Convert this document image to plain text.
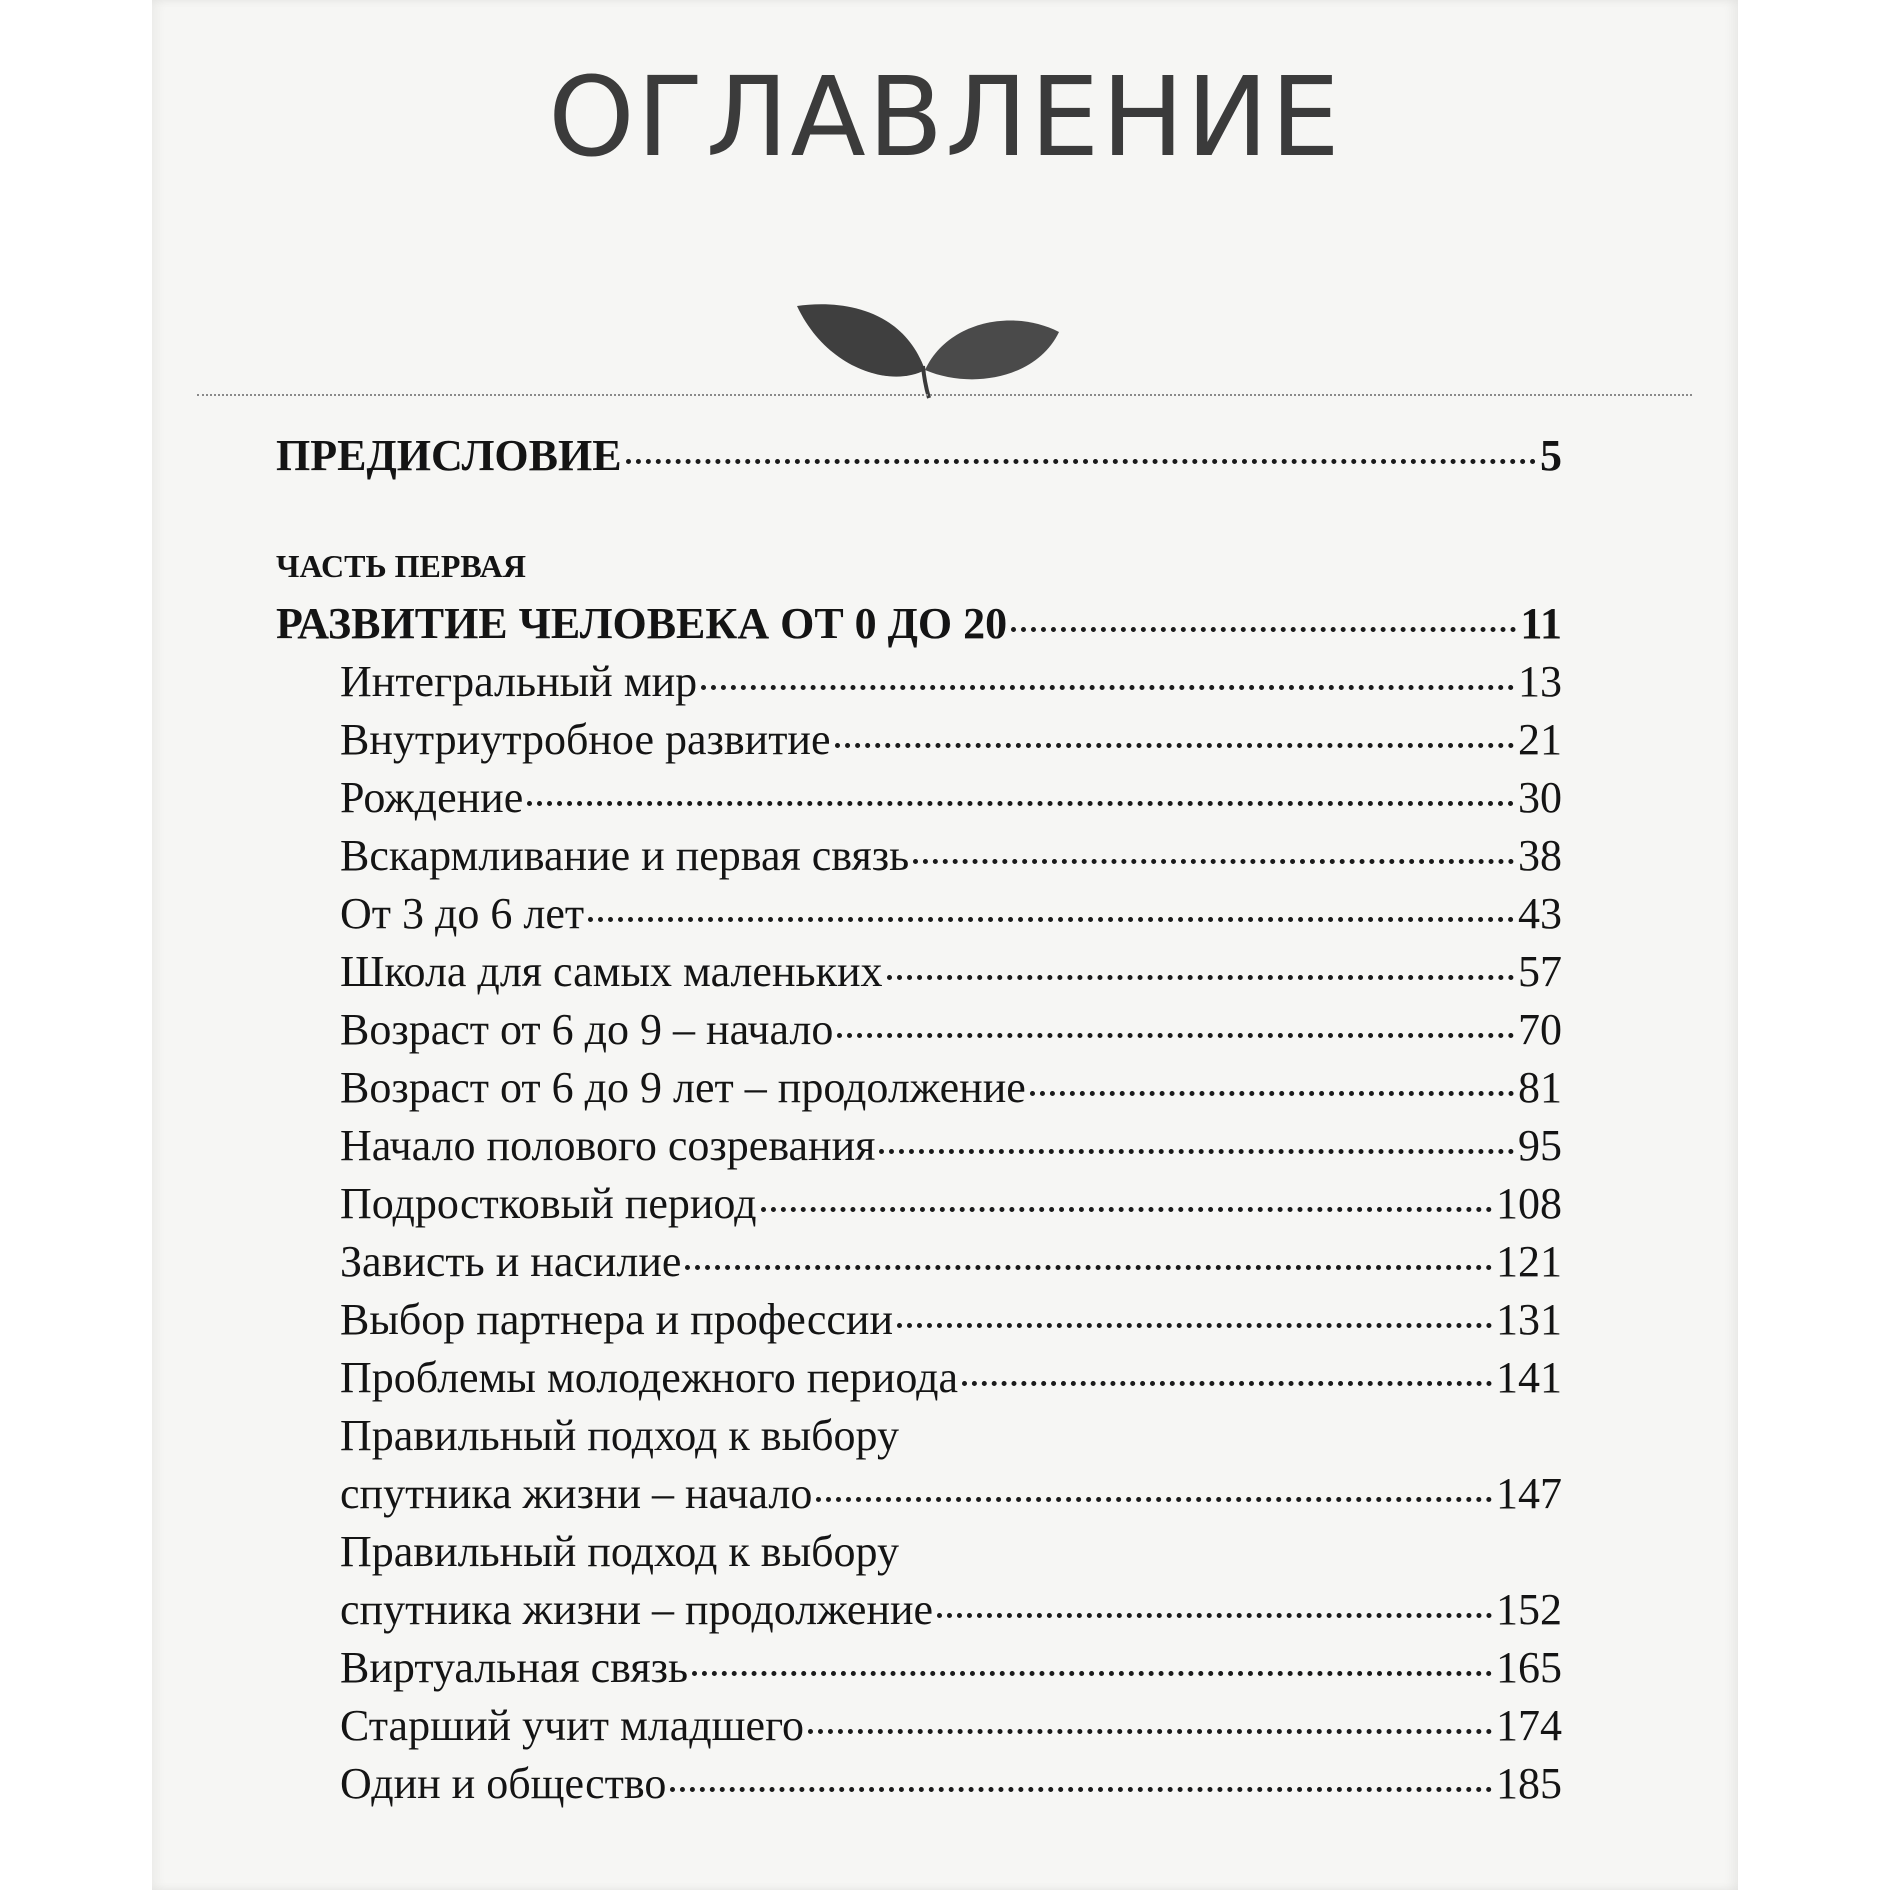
ОГЛАВЛЕНИЕ
ПРЕДИСЛОВИЕ	5
ЧАСТЬ ПЕРВАЯ
РАЗВИТИЕ ЧЕЛОВЕКА ОТ 0 ДО 20	11
Интегральный мир	13
Внутриутробное развитие	21
Рождение	30
Вскармливание и первая связь	38
От 3 до 6 лет	43
Школа для самых маленьких	57
Возраст от 6 до 9 – начало	70
Возраст от 6 до 9 лет – продолжение	81
Начало полового созревания	95
Подростковый период	108
Зависть и насилие	121
Выбор партнера и профессии	131
Проблемы молодежного периода	141
Правильный подход к выбору
спутника жизни – начало	147
Правильный подход к выбору
спутника жизни – продолжение	152
Виртуальная связь	165
Старший учит младшего	174
Один и общество	185
